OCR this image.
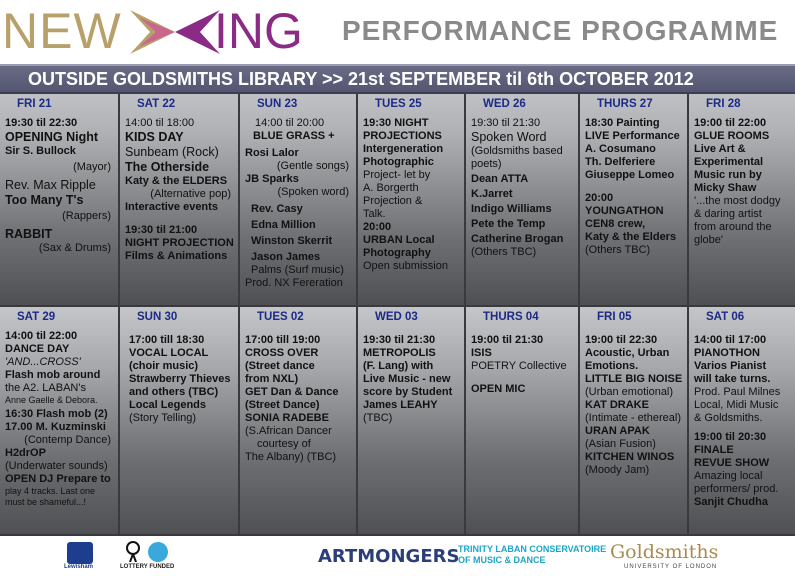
NEW ING PERFORMANCE PROGRAMME
OUTSIDE GOLDSMITHS LIBRARY >> 21st SEPTEMBER til 6th OCTOBER 2012
FRI 21
19:30 til 22:30
OPENING Night
Sir S. Bullock
(Mayor)
Rev. Max Ripple
Too Many T's
(Rappers)
RABBIT
(Sax & Drums)
SAT 22
14:00 til 18:00
KIDS DAY
Sunbeam (Rock)
The Otherside
Katy & the ELDERS
(Alternative pop)
Interactive events
19:30 til 21:00
NIGHT PROJECTION
Films & Animations
SUN 23
14:00 til 20:00
BLUE GRASS +
Rosi Lalor
(Gentle songs)
JB Sparks
(Spoken word)
Rev. Casy
Edna Million
Winston Skerrit
Jason James
Palms (Surf music)
Prod. NX Fereration
TUES 25
19:30 NIGHT
PROJECTIONS
Intergeneration
Photographic
Project- let by
A. Borgerth
Projection &
Talk.
20:00
URBAN Local
Photography
Open submission
WED 26
19:30 til 21:30
Spoken Word
(Goldsmiths based
poets)
Dean ATTA
K.Jarret
Indigo Williams
Pete the Temp
Catherine Brogan
(Others TBC)
THURS 27
18:30 Painting
LIVE Performance
A. Cosumano
Th. Delferiere
Giuseppe Lomeo
20:00
YOUNGATHON
CEN8 crew,
Katy & the Elders
(Others TBC)
FRI 28
19:00 til 22:00
GLUE ROOMS
Live Art &
Experimental
Music run by
Micky Shaw
'...the most dodgy
& daring artist
from around the
globe'
SAT 29
14:00 til 22:00
DANCE DAY
'AND...CROSS'
Flash mob around
the A2. LABAN's
Anne Gaelle & Debora.
16:30 Flash mob (2)
17.00 M. Kuzminski
(Contemp Dance)
H2drOP
(Underwater sounds)
OPEN DJ Prepare to
play 4 tracks. Last one
must be shameful...!
SUN 30
17:00 till 18:30
VOCAL LOCAL
(choir music)
Strawberry Thieves
and others (TBC)
Local Legends
(Story Telling)
TUES 02
17:00 till 19:00
CROSS OVER
(Street dance
from NXL)
GET Dan & Dance
(Street Dance)
SONIA RADEBE
(S.African Dancer
courtesy of
The Albany) (TBC)
WED 03
19:30 til 21:30
METROPOLIS
(F. Lang) with
Live Music - new
score by Student
James LEAHY
(TBC)
THURS 04
19:00 til 21:30
ISIS
POETRY Collective
OPEN MIC
FRI 05
19:00 til 22:30
Acoustic, Urban
Emotions.
LITTLE BIG NOISE
(Urban emotional)
KAT DRAKE
(Intimate - ethereal)
URAN APAK
(Asian Fusion)
KITCHEN WINOS
(Moody Jam)
SAT 06
14:00 til 17:00
PIANOTHON
Varios Pianist
will take turns.
Prod. Paul Milnes
Local, Midi Music
& Goldsmiths.
19:00 til 20:30
FINALE
REVUE SHOW
Amazing local
performers/ prod.
Sanjit Chudha
Lewisham	LOTTERY FUNDED	ARTMONGERS
TRINITY LABAN CONSERVATOIRE
OF MUSIC & DANCE	Goldsmiths
UNIVERSITY OF LONDON
